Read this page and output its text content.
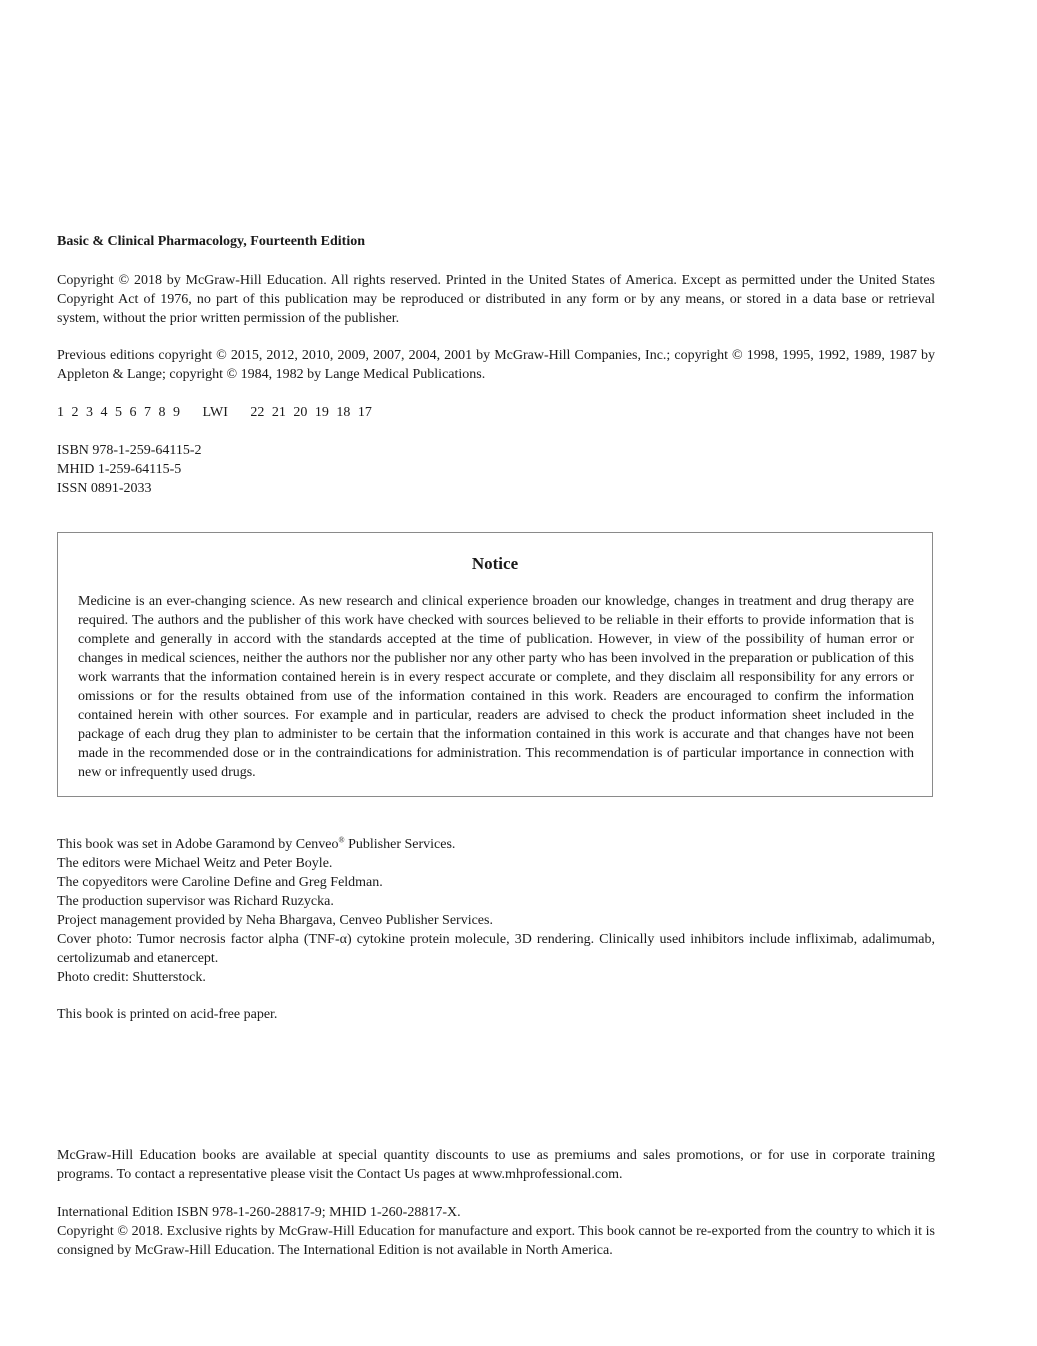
Basic & Clinical Pharmacology, Fourteenth Edition

Copyright © 2018 by McGraw-Hill Education. All rights reserved. Printed in the United States of America. Except as permitted under the United States Copyright Act of 1976, no part of this publication may be reproduced or distributed in any form or by any means, or stored in a data base or retrieval system, without the prior written permission of the publisher.

Previous editions copyright © 2015, 2012, 2010, 2009, 2007, 2004, 2001 by McGraw-Hill Companies, Inc.; copyright © 1998, 1995, 1992, 1989, 1987 by Appleton & Lange; copyright © 1984, 1982 by Lange Medical Publications.

1 2 3 4 5 6 7 8 9   LWI   22 21 20 19 18 17

ISBN 978-1-259-64115-2
MHID 1-259-64115-5
ISSN 0891-2033
Notice

Medicine is an ever-changing science. As new research and clinical experience broaden our knowledge, changes in treatment and drug therapy are required. The authors and the publisher of this work have checked with sources believed to be reliable in their efforts to provide information that is complete and generally in accord with the standards accepted at the time of publication. However, in view of the possibility of human error or changes in medical sciences, neither the authors nor the publisher nor any other party who has been involved in the preparation or publication of this work warrants that the information contained herein is in every respect accurate or complete, and they disclaim all responsibility for any errors or omissions or for the results obtained from use of the information contained in this work. Readers are encouraged to confirm the information contained herein with other sources. For example and in particular, readers are advised to check the product information sheet included in the package of each drug they plan to administer to be certain that the information contained in this work is accurate and that changes have not been made in the recommended dose or in the contraindications for administration. This recommendation is of particular importance in connection with new or infrequently used drugs.

This book was set in Adobe Garamond by Cenveo® Publisher Services.
The editors were Michael Weitz and Peter Boyle.
The copyeditors were Caroline Define and Greg Feldman.
The production supervisor was Richard Ruzycka.
Project management provided by Neha Bhargava, Cenveo Publisher Services.
Cover photo: Tumor necrosis factor alpha (TNF-α) cytokine protein molecule, 3D rendering. Clinically used inhibitors include infliximab, adalimumab, certolizumab and etanercept.
Photo credit: Shutterstock.

This book is printed on acid-free paper.

McGraw-Hill Education books are available at special quantity discounts to use as premiums and sales promotions, or for use in corporate training programs. To contact a representative please visit the Contact Us pages at www.mhprofessional.com.

International Edition ISBN 978-1-260-28817-9; MHID 1-260-28817-X.
Copyright © 2018. Exclusive rights by McGraw-Hill Education for manufacture and export. This book cannot be re-exported from the country to which it is consigned by McGraw-Hill Education. The International Edition is not available in North America.
